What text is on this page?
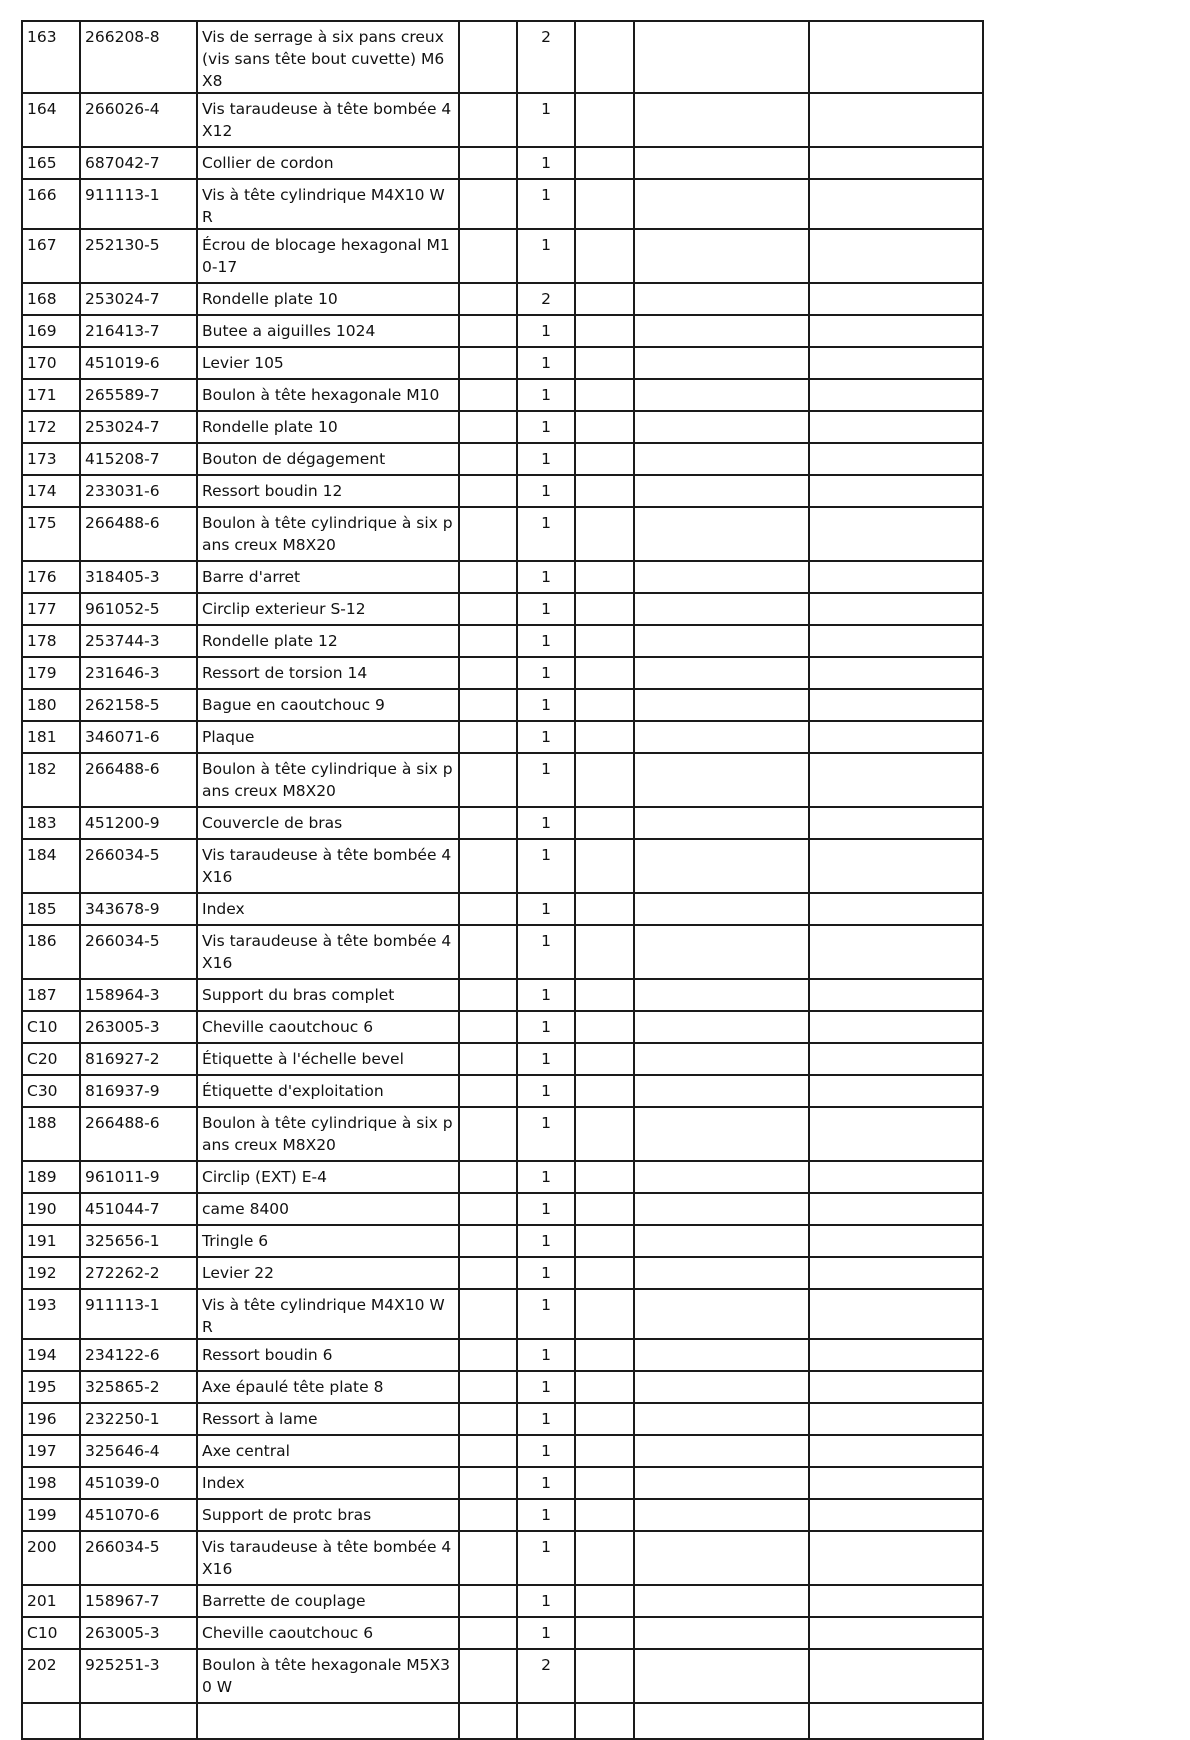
163	266208-8	Vis de serrage à six pans creux (vis sans tête bout cuvette) M6X8		2			
164	266026-4	Vis taraudeuse à tête bombée 4X12		1			
165	687042-7	Collier de cordon		1			
166	911113-1	Vis à tête cylindrique M4X10 WR		1			
167	252130-5	Écrou de blocage hexagonal M10-17		1			
168	253024-7	Rondelle plate 10		2			
169	216413-7	Butee a aiguilles 1024		1			
170	451019-6	Levier 105		1			
171	265589-7	Boulon à tête hexagonale M10		1			
172	253024-7	Rondelle plate 10		1			
173	415208-7	Bouton de dégagement		1			
174	233031-6	Ressort boudin 12		1			
175	266488-6	Boulon à tête cylindrique à six pans creux M8X20		1			
176	318405-3	Barre d'arret		1			
177	961052-5	Circlip exterieur S-12		1			
178	253744-3	Rondelle plate 12		1			
179	231646-3	Ressort de torsion 14		1			
180	262158-5	Bague en caoutchouc 9		1			
181	346071-6	Plaque		1			
182	266488-6	Boulon à tête cylindrique à six pans creux M8X20		1			
183	451200-9	Couvercle de bras		1			
184	266034-5	Vis taraudeuse à tête bombée 4X16		1			
185	343678-9	Index		1			
186	266034-5	Vis taraudeuse à tête bombée 4X16		1			
187	158964-3	Support du bras complet		1			
C10	263005-3	Cheville caoutchouc 6		1			
C20	816927-2	Étiquette à l'échelle bevel		1			
C30	816937-9	Étiquette d'exploitation		1			
188	266488-6	Boulon à tête cylindrique à six pans creux M8X20		1			
189	961011-9	Circlip (EXT) E-4		1			
190	451044-7	came 8400		1			
191	325656-1	Tringle 6		1			
192	272262-2	Levier 22		1			
193	911113-1	Vis à tête cylindrique M4X10 WR		1			
194	234122-6	Ressort boudin 6		1			
195	325865-2	Axe épaulé tête plate 8		1			
196	232250-1	Ressort à lame		1			
197	325646-4	Axe central		1			
198	451039-0	Index		1			
199	451070-6	Support de protc bras		1			
200	266034-5	Vis taraudeuse à tête bombée 4X16		1			
201	158967-7	Barrette de couplage		1			
C10	263005-3	Cheville caoutchouc 6		1			
202	925251-3	Boulon à tête hexagonale M5X30 W		2			
